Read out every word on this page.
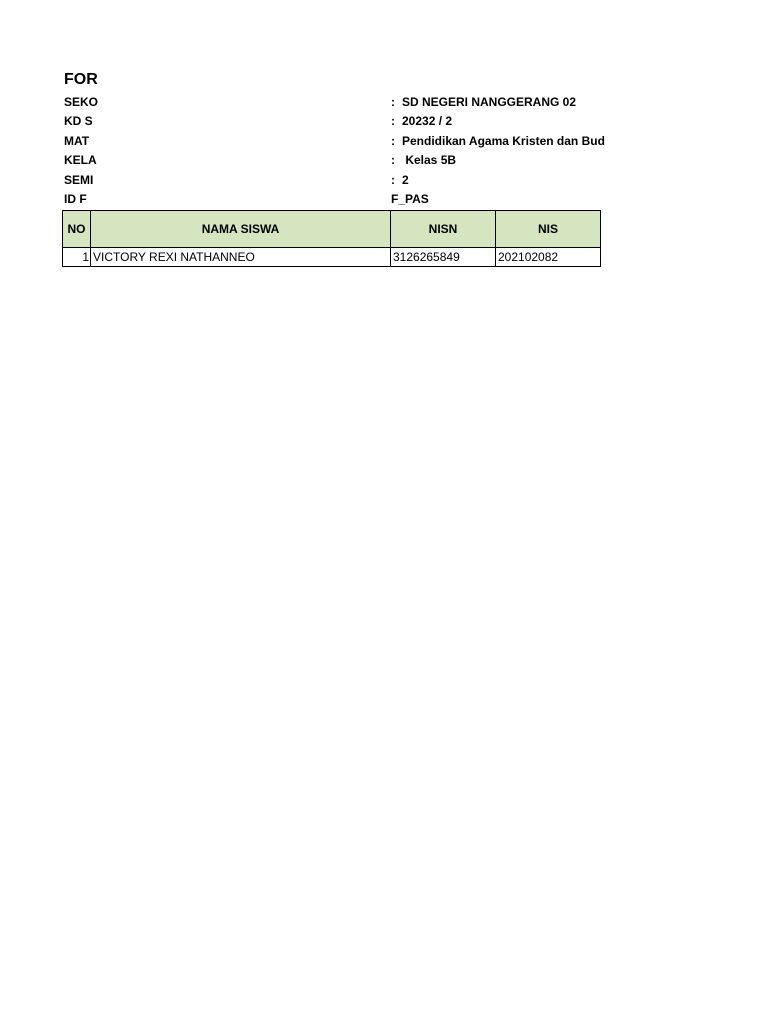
FOR
SEKO	: SD NEGERI NANGGERANG 02
KD S	: 20232 / 2
MAT	: Pendidikan Agama Kristen dan Bud
KELA	: Kelas 5B
SEMI	: 2
ID F	F_PAS
NO	NAMA SISWA	NISN	NIS
1	VICTORY REXI NATHANNEO	3126265849	202102082
